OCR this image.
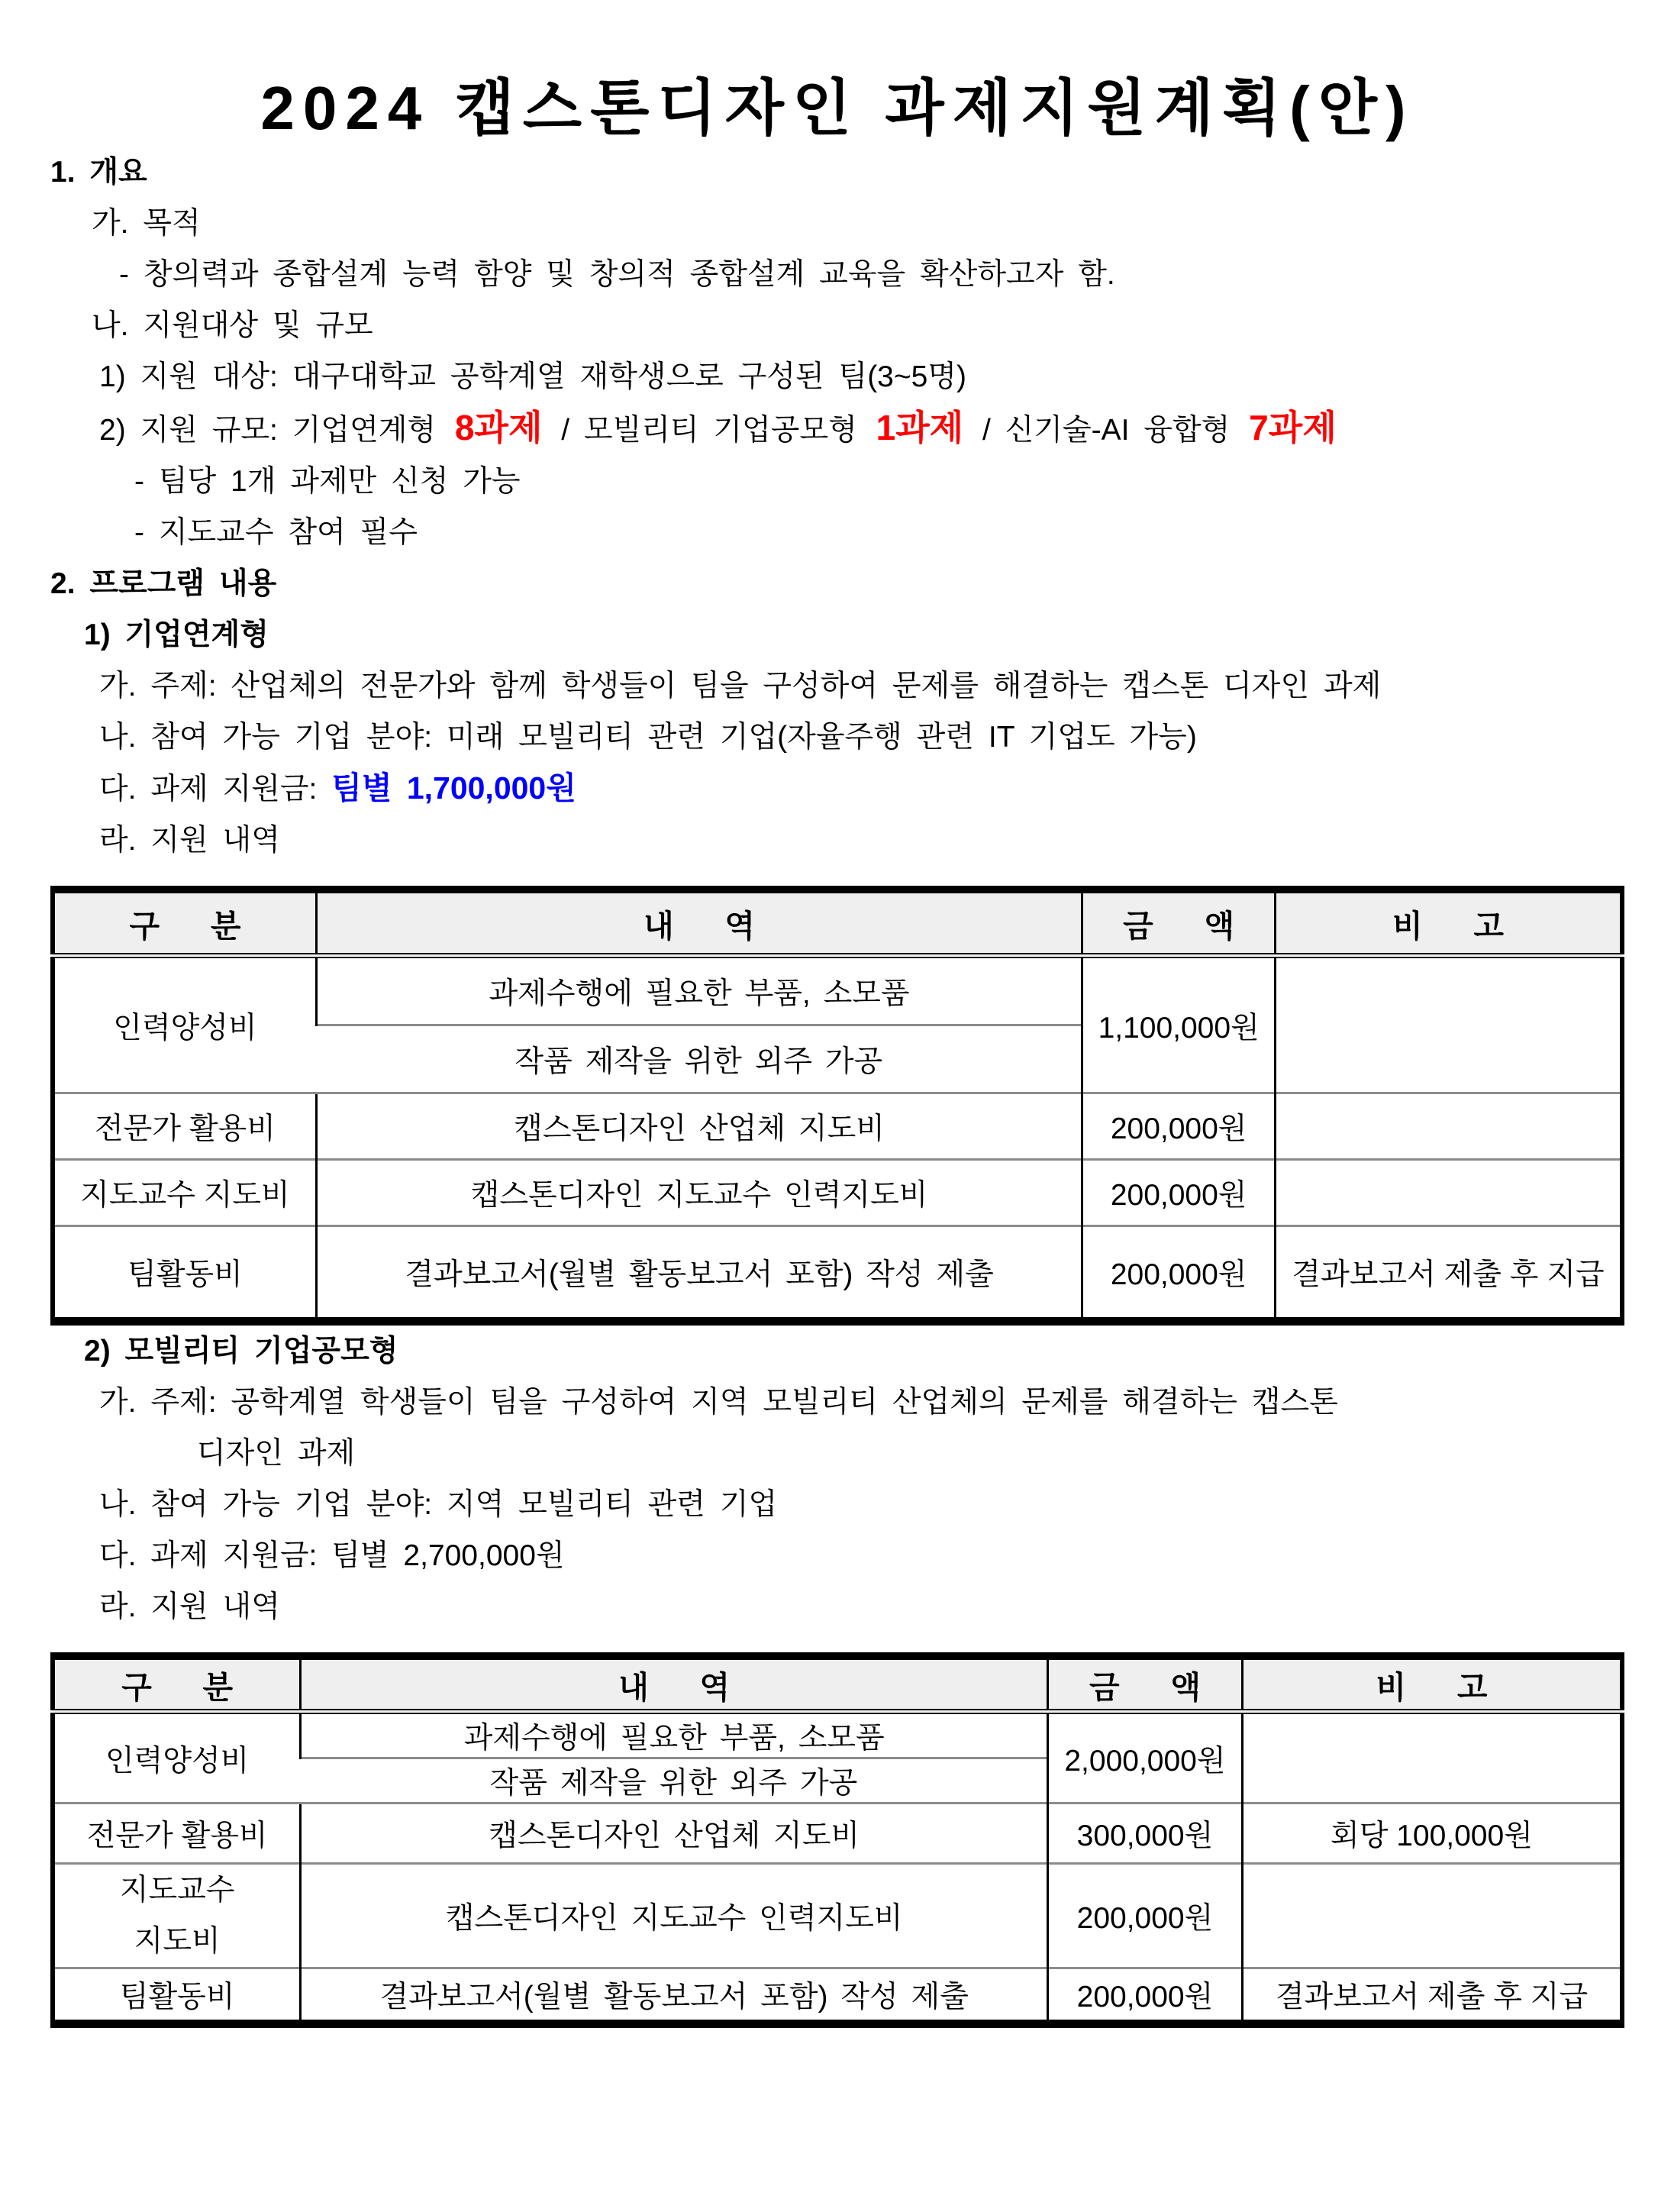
2024 캡스톤디자인 과제지원계획(안)

1. 개요

가. 목적

- 창의력과 종합설계 능력 함양 및 창의적 종합설계 교육을 확산하고자 함.

나. 지원대상 및 규모

1) 지원 대상: 대구대학교 공학계열 재학생으로 구성된 팀(3~5명)

2) 지원 규모: 기업연계형 8과제 / 모빌리티 기업공모형 1과제 / 신기술-AI 융합형 7과제

- 팀당 1개 과제만 신청 가능

- 지도교수 참여 필수

2. 프로그램 내용

1) 기업연계형

가. 주제: 산업체의 전문가와 함께 학생들이 팀을 구성하여 문제를 해결하는 캡스톤 디자인 과제

나. 참여 가능 기업 분야: 미래 모빌리티 관련 기업(자율주행 관련 IT 기업도 가능)

다. 과제 지원금: 팀별 1,700,000원

라. 지원 내역

구 분	내 역	금 액	비 고
인력양성비	과제수행에 필요한 부품, 소모품	1,100,000원	
	작품 제작을 위한 외주 가공		
전문가 활용비	캡스톤디자인 산업체 지도비	200,000원	
지도교수 지도비	캡스톤디자인 지도교수 인력지도비	200,000원	
팀활동비	결과보고서(월별 활동보고서 포함) 작성 제출	200,000원	결과보고서 제출 후 지급

2) 모빌리티 기업공모형

가. 주제: 공학계열 학생들이 팀을 구성하여 지역 모빌리티 산업체의 문제를 해결하는 캡스톤

디자인 과제

나. 참여 가능 기업 분야: 지역 모빌리티 관련 기업

다. 과제 지원금: 팀별 2,700,000원

라. 지원 내역

구 분	내 역	금 액	비 고
인력양성비	과제수행에 필요한 부품, 소모품	2,000,000원	
	작품 제작을 위한 외주 가공		
전문가 활용비	캡스톤디자인 산업체 지도비	300,000원	회당 100,000원

지도교수
지도비	캡스톤디자인 지도교수 인력지도비	200,000원	
팀활동비	결과보고서(월별 활동보고서 포함) 작성 제출	200,000원	결과보고서 제출 후 지급
